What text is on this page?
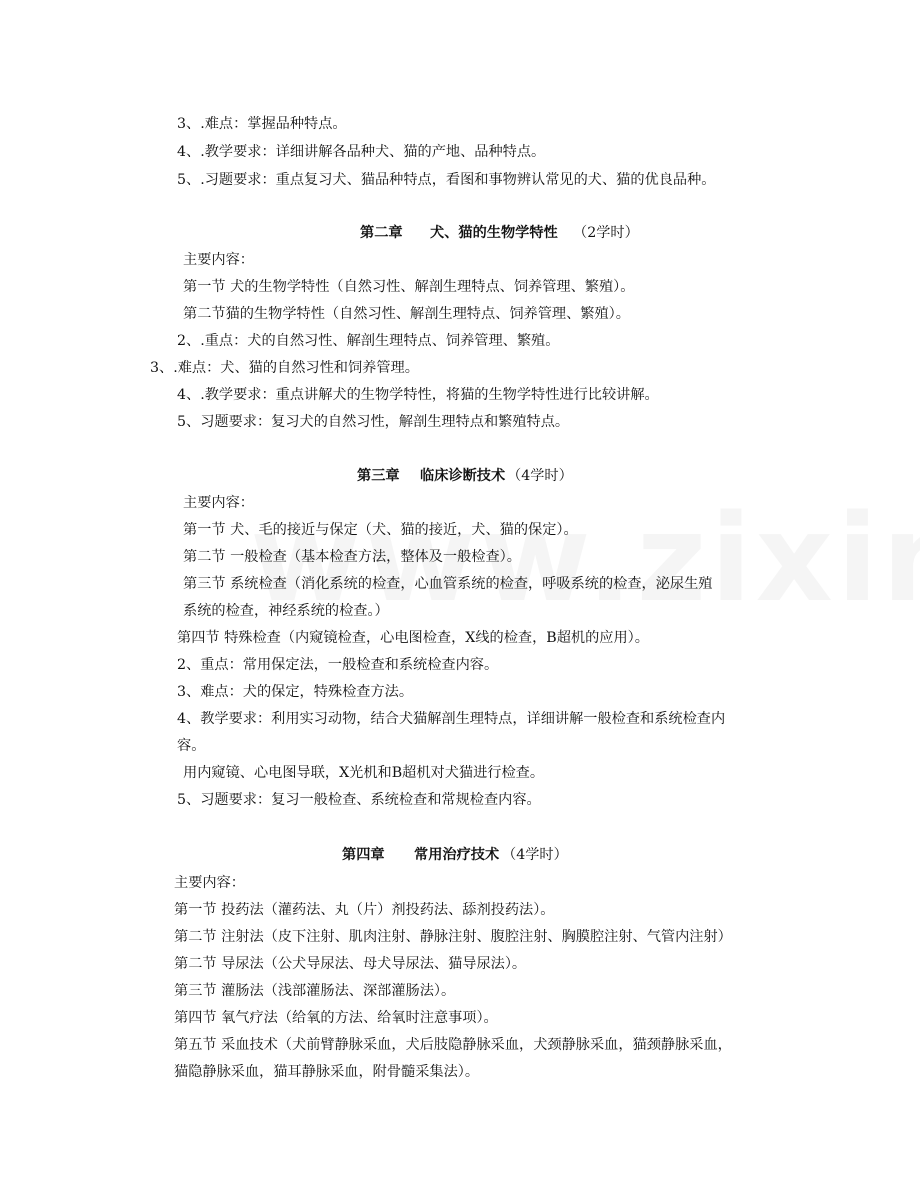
3、.难点：掌握品种特点。
4、.教学要求：详细讲解各品种犬、猫的产地、品种特点。
5、.习题要求：重点复习犬、猫品种特点，看图和事物辨认常见的犬、猫的优良品种。
第二章 犬、猫的生物学特性 （2学时）
主要内容：
第一节 犬的生物学特性（自然习性、解剖生理特点、饲养管理、繁殖）。
第二节猫的生物学特性（自然习性、解剖生理特点、饲养管理、繁殖）。
2、.重点：犬的自然习性、解剖生理特点、饲养管理、繁殖。
3、.难点：犬、猫的自然习性和饲养管理。
4、.教学要求：重点讲解犬的生物学特性，将猫的生物学特性进行比较讲解。
5、习题要求：复习犬的自然习性，解剖生理特点和繁殖特点。
第三章 临床诊断技术 （4学时）
主要内容：
第一节 犬、毛的接近与保定（犬、猫的接近，犬、猫的保定）。
第二节 一般检查（基本检查方法，整体及一般检查）。
第三节 系统检查（消化系统的检查，心血管系统的检查，呼吸系统的检查，泌尿生殖
系统的检查，神经系统的检查。）
第四节 特殊检查（内窥镜检查，心电图检查，X线的检查，B超机的应用）。
2、重点：常用保定法，一般检查和系统检查内容。
3、难点：犬的保定，特殊检查方法。
4、教学要求：利用实习动物，结合犬猫解剖生理特点，详细讲解一般检查和系统检查内
容。
用内窥镜、心电图导联，X光机和B超机对犬猫进行检查。
5、习题要求：复习一般检查、系统检查和常规检查内容。
第四章 常用治疗技术 （4学时）
主要内容：
第一节 投药法（灌药法、丸（片）剂投药法、舔剂投药法）。
第二节 注射法（皮下注射、肌肉注射、静脉注射、腹腔注射、胸膜腔注射、气管内注射）
第二节 导尿法（公犬导尿法、母犬导尿法、猫导尿法）。
第三节 灌肠法（浅部灌肠法、深部灌肠法）。
第四节 氧气疗法（给氧的方法、给氧时注意事项）。
第五节 采血技术（犬前臂静脉采血，犬后肢隐静脉采血，犬颈静脉采血，猫颈静脉采血，
猫隐静脉采血，猫耳静脉采血，附骨髓采集法）。
